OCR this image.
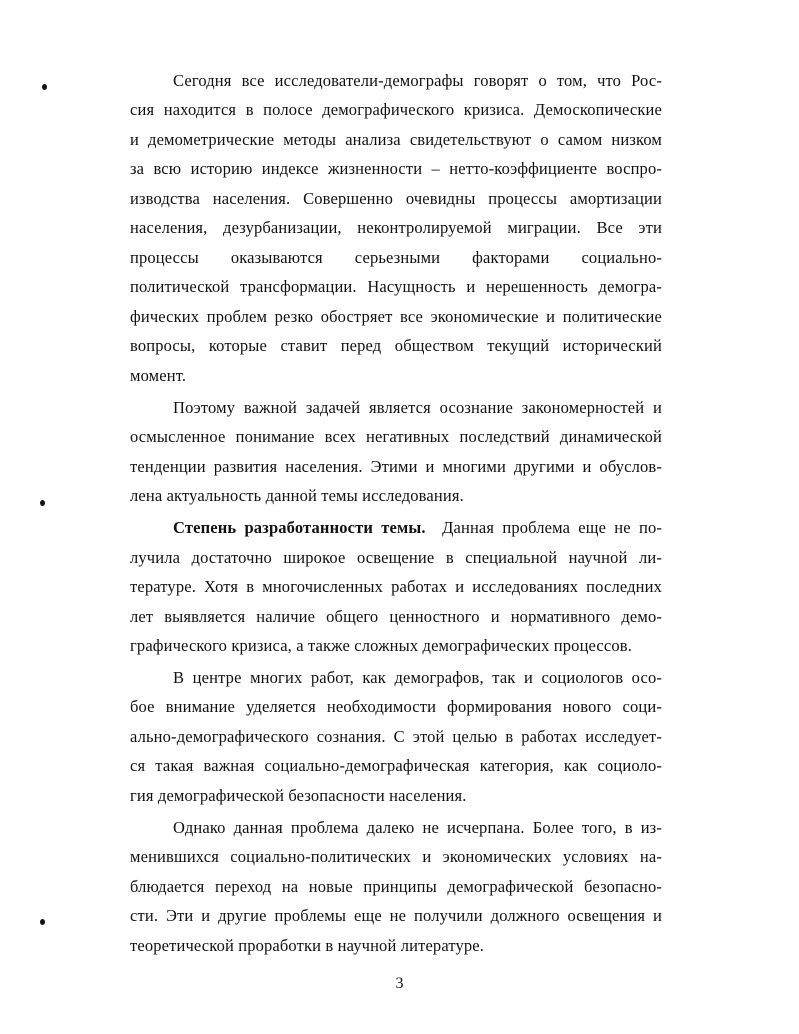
Сегодня все исследователи-демографы говорят о том, что Рос-
сия находится в полосе демографического кризиса. Демоскопические
и демометрические методы анализа свидетельствуют о самом низком
за всю историю индексе жизненности – нетто-коэффициенте воспро-
изводства населения. Совершенно очевидны процессы амортизации
населения, дезурбанизации, неконтролируемой миграции. Все эти
процессы оказываются серьезными факторами социально-
политической трансформации. Насущность и нерешенность демогра-
фических проблем резко обостряет все экономические и политические
вопросы, которые ставит перед обществом текущий исторический
момент.
Поэтому важной задачей является осознание закономерностей и
осмысленное понимание всех негативных последствий динамической
тенденции развития населения. Этими и многими другими и обуслов-
лена актуальность данной темы исследования.
Степень разработанности темы. Данная проблема еще не по-
лучила достаточно широкое освещение в специальной научной ли-
тературе. Хотя в многочисленных работах и исследованиях последних
лет выявляется наличие общего ценностного и нормативного демо-
графического кризиса, а также сложных демографических процессов.
В центре многих работ, как демографов, так и социологов осо-
бое внимание уделяется необходимости формирования нового соци-
ально-демографического сознания. С этой целью в работах исследует-
ся такая важная социально-демографическая категория, как социоло-
гия демографической безопасности населения.
Однако данная проблема далеко не исчерпана. Более того, в из-
менившихся социально-политических и экономических условиях на-
блюдается переход на новые принципы демографической безопасно-
сти. Эти и другие проблемы еще не получили должного освещения и
теоретической проработки в научной литературе.
3
